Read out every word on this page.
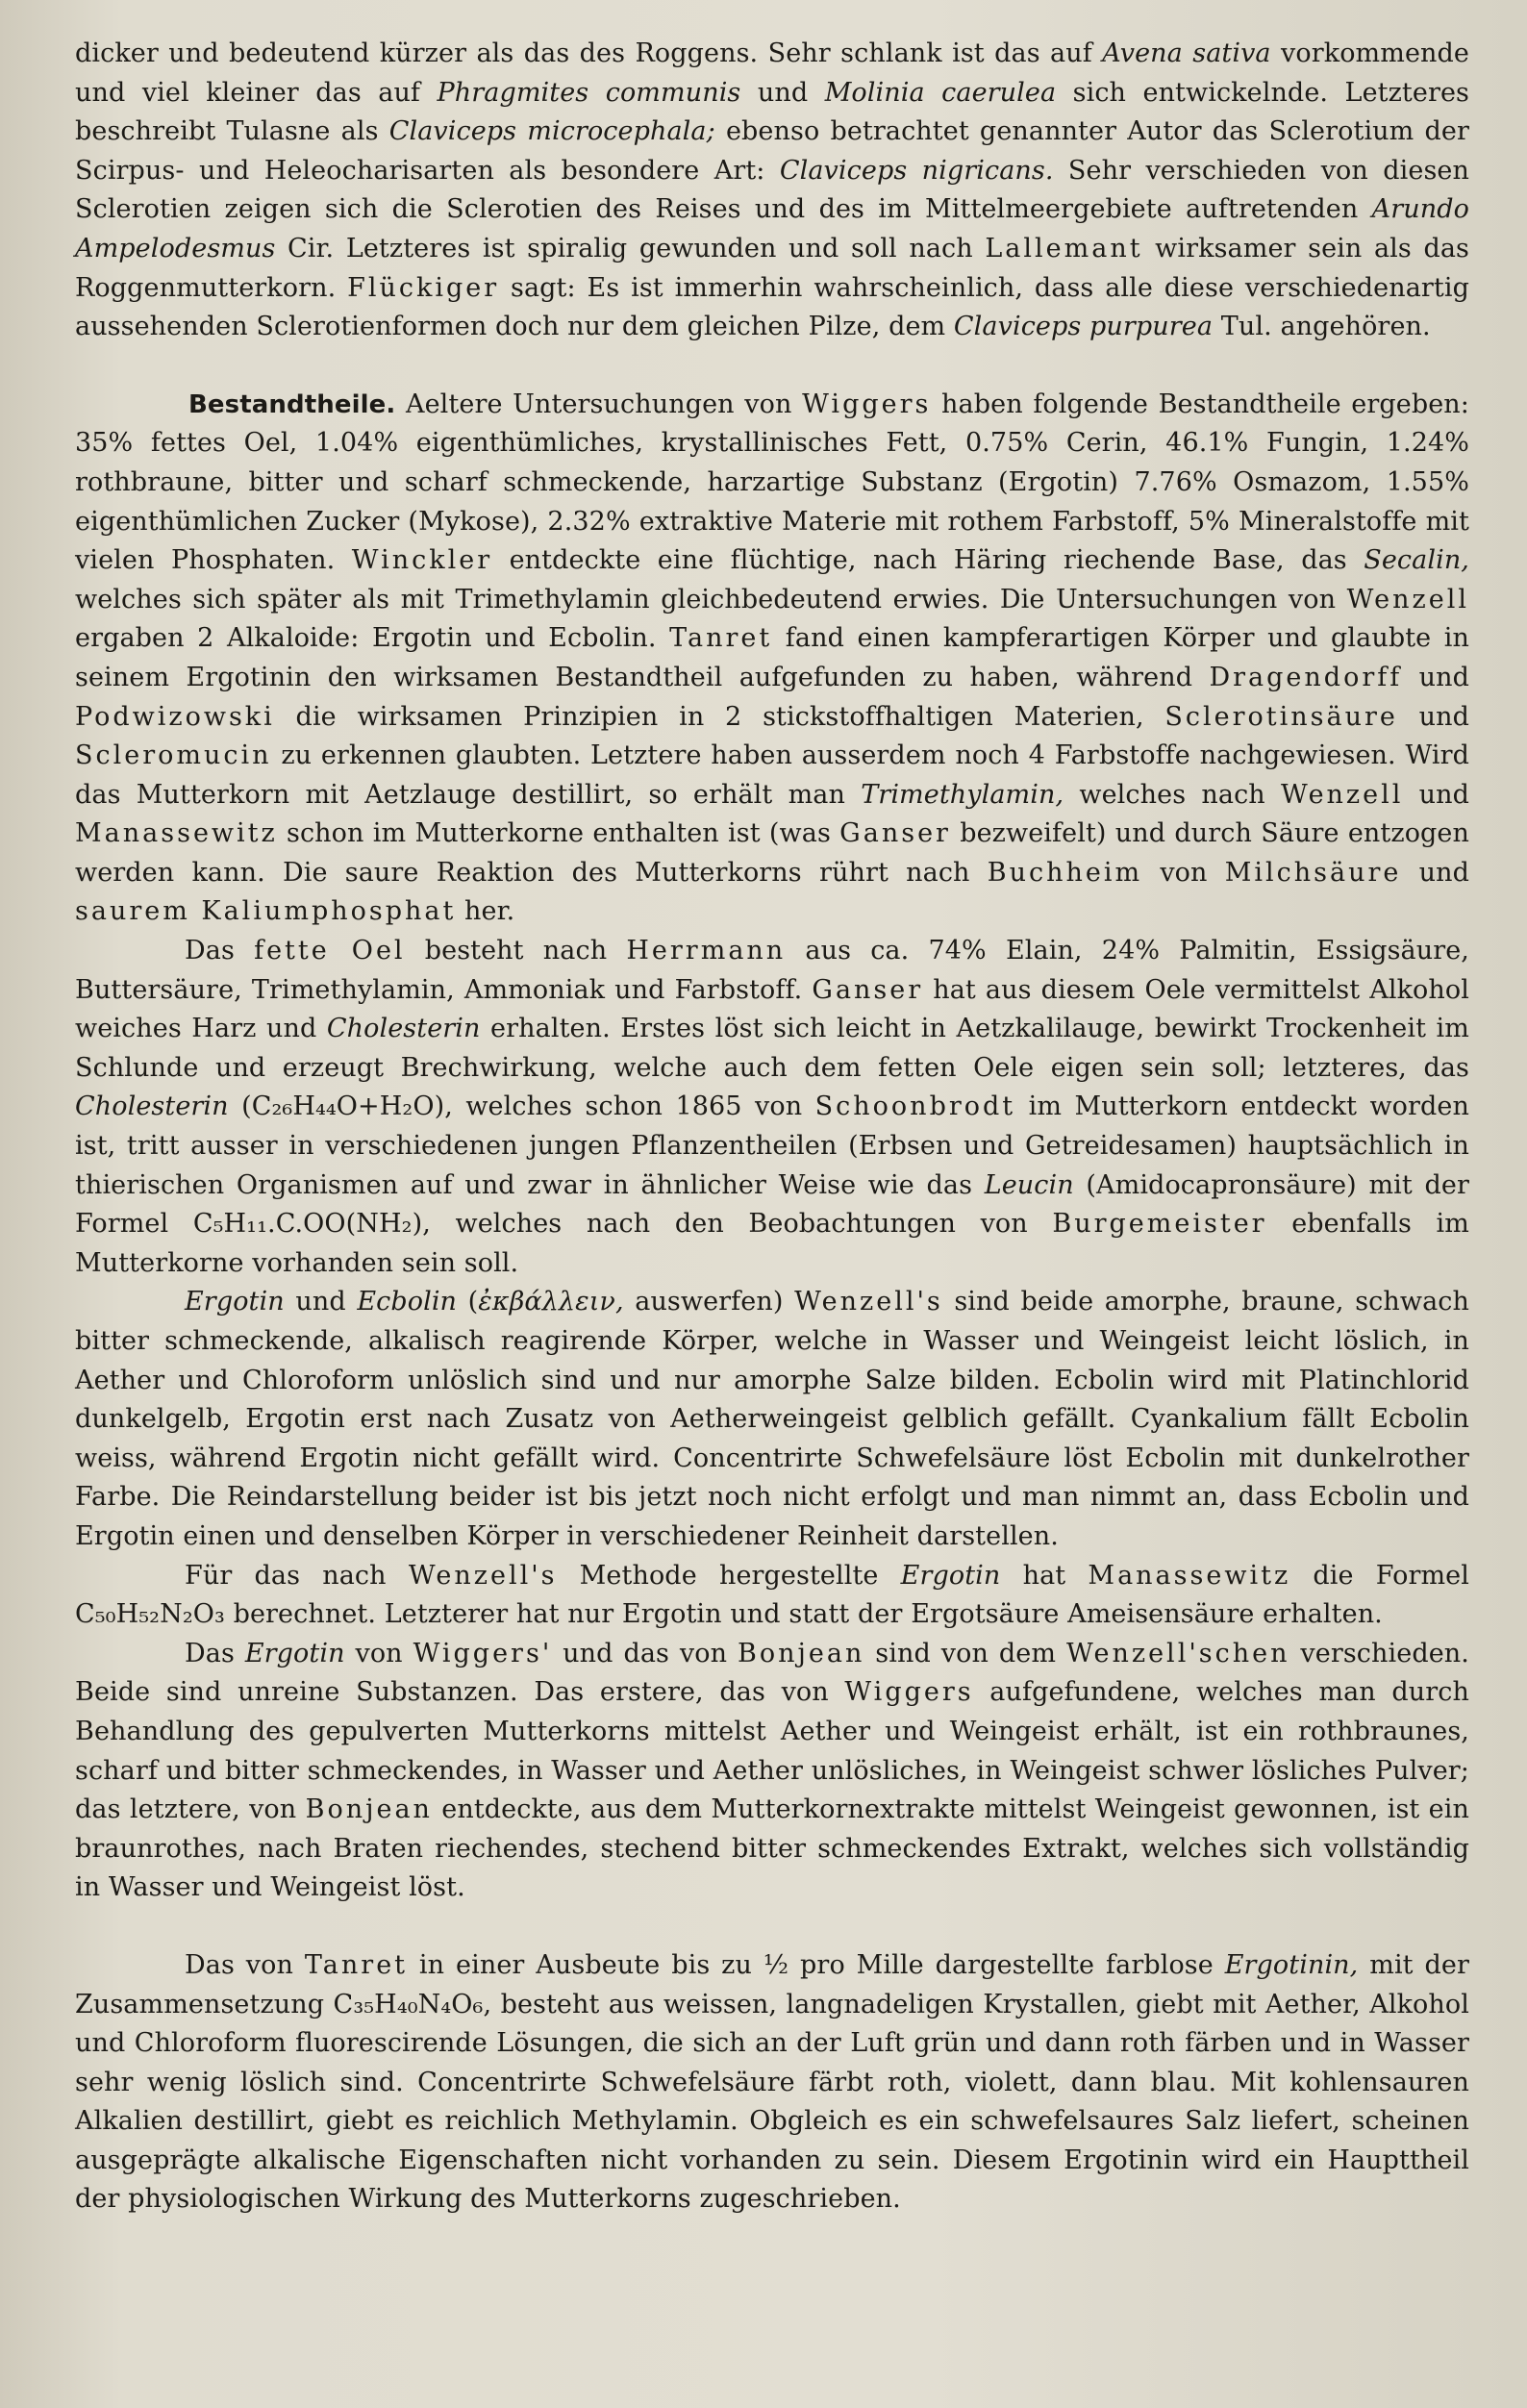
dicker und bedeutend kürzer als das des Roggens. Sehr schlank ist das auf Avena sativa vorkommende und viel kleiner das auf Phragmites communis und Molinia caerulea sich entwickelnde. Letzteres beschreibt Tulasne als Claviceps microcephala; ebenso betrachtet genannter Autor das Sclerotium der Scirpus- und Heleocharisarten als besondere Art: Claviceps nigricans. Sehr verschieden von diesen Sclerotien zeigen sich die Sclerotien des Reises und des im Mittelmeergebiete auftretenden Arundo Ampelodesmus Cir. Letzteres ist spiralig gewunden und soll nach Lallemant wirksamer sein als das Roggenmutterkorn. Flückiger sagt: Es ist immerhin wahrscheinlich, dass alle diese verschiedenartig aussehenden Sclerotienformen doch nur dem gleichen Pilze, dem Claviceps purpurea Tul. angehören.

Bestandtheile. Aeltere Untersuchungen von Wiggers haben folgende Bestandtheile ergeben: 35% fettes Oel, 1.04% eigenthümliches, krystallinisches Fett, 0.75% Cerin, 46.1% Fungin, 1.24% rothbraune, bitter und scharf schmeckende, harzartige Substanz (Ergotin) 7.76% Osmazom, 1.55% eigenthümlichen Zucker (Mykose), 2.32% extraktive Materie mit rothem Farbstoff, 5% Mineralstoffe mit vielen Phosphaten. Winckler entdeckte eine flüchtige, nach Häring riechende Base, das Secalin, welches sich später als mit Trimethylamin gleichbedeutend erwies. Die Untersuchungen von Wenzell ergaben 2 Alkaloide: Ergotin und Ecbolin. Tanret fand einen kampferartigen Körper und glaubte in seinem Ergotinin den wirksamen Bestandtheil aufgefunden zu haben, während Dragendorff und Podwizowski die wirksamen Prinzipien in 2 stickstoffhaltigen Materien, Sclerotinsäure und Scleromucin zu erkennen glaubten. Letztere haben ausserdem noch 4 Farbstoffe nachgewiesen. Wird das Mutterkorn mit Aetzlauge destillirt, so erhält man Trimethylamin, welches nach Wenzell und Manassewitz schon im Mutterkorne enthalten ist (was Ganser bezweifelt) und durch Säure entzogen werden kann. Die saure Reaktion des Mutterkorns rührt nach Buchheim von Milchsäure und saurem Kaliumphosphat her.

Das fette Oel besteht nach Herrmann aus ca. 74% Elain, 24% Palmitin, Essigsäure, Buttersäure, Trimethylamin, Ammoniak und Farbstoff. Ganser hat aus diesem Oele vermittelst Alkohol weiches Harz und Cholesterin erhalten. Erstes löst sich leicht in Aetzkalilauge, bewirkt Trockenheit im Schlunde und erzeugt Brechwirkung, welche auch dem fetten Oele eigen sein soll; letzteres, das Cholesterin (C₂₆H₄₄O+H₂O), welches schon 1865 von Schoonbrodt im Mutterkorn entdeckt worden ist, tritt ausser in verschiedenen jungen Pflanzentheilen (Erbsen und Getreidesamen) hauptsächlich in thierischen Organismen auf und zwar in ähnlicher Weise wie das Leucin (Amidocapronsäure) mit der Formel C₅H₁₁.C.OO(NH₂), welches nach den Beobachtungen von Burgemeister ebenfalls im Mutterkorne vorhanden sein soll.

Ergotin und Ecbolin (ἐκβάλλειν, auswerfen) Wenzell's sind beide amorphe, braune, schwach bitter schmeckende, alkalisch reagirende Körper, welche in Wasser und Weingeist leicht löslich, in Aether und Chloroform unlöslich sind und nur amorphe Salze bilden. Ecbolin wird mit Platinchlorid dunkelgelb, Ergotin erst nach Zusatz von Aetherweingeist gelblich gefällt. Cyankalium fällt Ecbolin weiss, während Ergotin nicht gefällt wird. Concentrirte Schwefelsäure löst Ecbolin mit dunkelrother Farbe. Die Reindarstellung beider ist bis jetzt noch nicht erfolgt und man nimmt an, dass Ecbolin und Ergotin einen und denselben Körper in verschiedener Reinheit darstellen.

Für das nach Wenzell's Methode hergestellte Ergotin hat Manassewitz die Formel C₅₀H₅₂N₂O₃ berechnet. Letzterer hat nur Ergotin und statt der Ergotsäure Ameisensäure erhalten.

Das Ergotin von Wiggers' und das von Bonjean sind von dem Wenzell'schen verschieden. Beide sind unreine Substanzen. Das erstere, das von Wiggers aufgefundene, welches man durch Behandlung des gepulverten Mutterkorns mittelst Aether und Weingeist erhält, ist ein rothbraunes, scharf und bitter schmeckendes, in Wasser und Aether unlösliches, in Weingeist schwer lösliches Pulver; das letztere, von Bonjean entdeckte, aus dem Mutterkornextrakte mittelst Weingeist gewonnen, ist ein braunrothes, nach Braten riechendes, stechend bitter schmeckendes Extrakt, welches sich vollständig in Wasser und Weingeist löst.

Das von Tanret in einer Ausbeute bis zu ½ pro Mille dargestellte farblose Ergotinin, mit der Zusammensetzung C₃₅H₄₀N₄O₆, besteht aus weissen, langnadeligen Krystallen, giebt mit Aether, Alkohol und Chloroform fluorescirende Lösungen, die sich an der Luft grün und dann roth färben und in Wasser sehr wenig löslich sind. Concentrirte Schwefelsäure färbt roth, violett, dann blau. Mit kohlensauren Alkalien destillirt, giebt es reichlich Methylamin. Obgleich es ein schwefelsaures Salz liefert, scheinen ausgeprägte alkalische Eigenschaften nicht vorhanden zu sein. Diesem Ergotinin wird ein Haupttheil der physiologischen Wirkung des Mutterkorns zugeschrieben.
